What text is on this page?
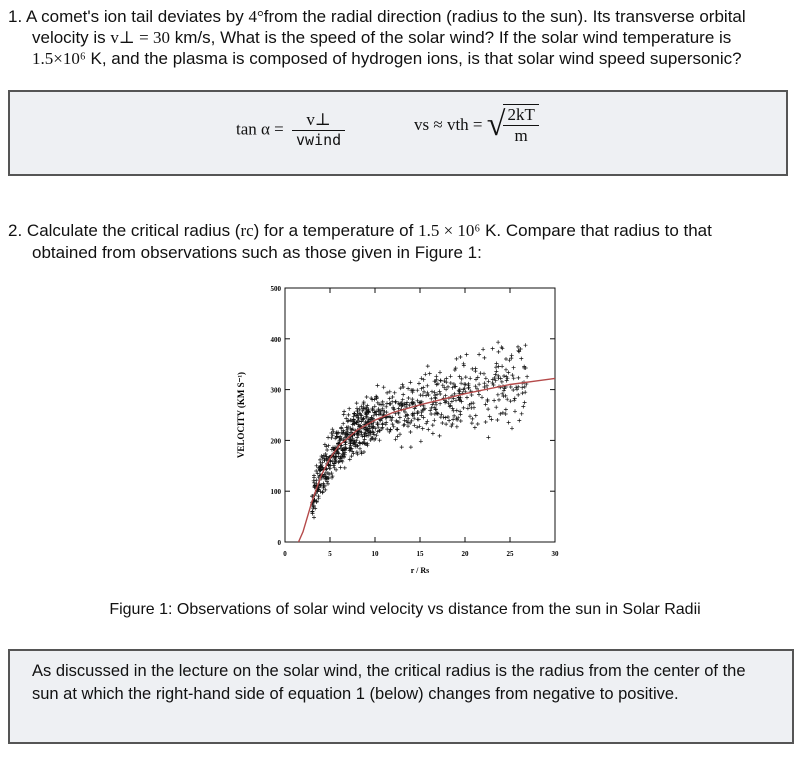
1. A comet's ion tail deviates by 4°from the radial direction (radius to the sun). Its transverse orbital
velocity is v⊥ = 30 km/s, What is the speed of the solar wind? If the solar wind temperature is
1.5×10⁶ K, and the plasma is composed of hydrogen ions, is that solar wind speed supersonic?
$\tan \alpha = \frac{v\perp}{\text{vwind}}$	vs ≈ vth = √
$\frac{2kT}{m}$
2. Calculate the critical radius (rc) for a temperature of 1.5 × 10⁶ K. Compare that radius to that
obtained from observations such as those given in Figure 1:
0	5	10	15	20	25	30
0
100
200
300
400
500
VELOCITY (KM S⁻¹)
r / Rs
Figure 1: Observations of solar wind velocity vs distance from the sun in Solar Radii
As discussed in the lecture on the solar wind, the critical radius is the radius from the center of the sun at which the right-hand side of equation 1 (below) changes from negative to positive.
